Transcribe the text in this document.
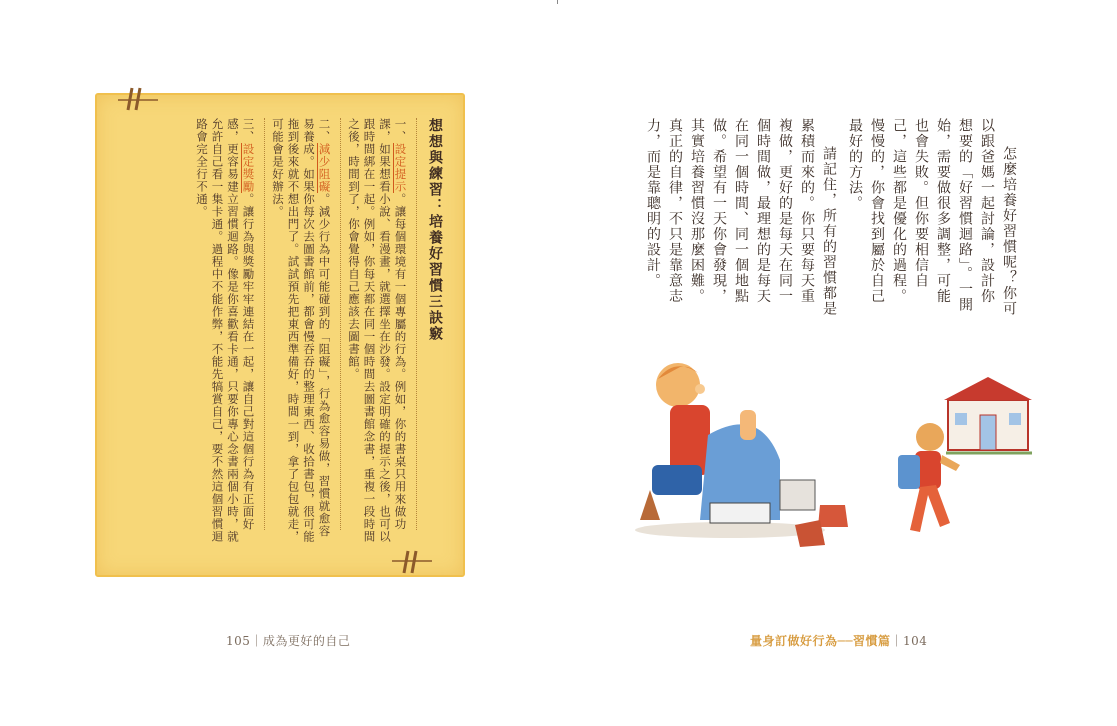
想想與練習：培養好習慣三訣竅

一、設定提示。讓每個環境有一個專屬的行為。例如，你的書桌只用來做功課，如果想看小說、看漫畫，就選擇坐在沙發。設定明確的提示之後，也可以跟時間綁在一起。例如，你每天都在同一個時間去圖書館念書，重複一段時間之後，時間到了，你會覺得自己應該去圖書館。

二、減少阻礙。減少行為中可能碰到的「阻礙」，行為愈容易做，習慣就愈容易養成。如果你每次去圖書館前，都會慢吞吞的整理東西、收拾書包，很可能拖到後來就不想出門了。試試預先把東西準備好，時間一到，拿了包包就走，可能會是好辦法。

三、設定獎勵。讓行為與獎勵牢牢連結在一起，讓自己對這個行為有正面好感，更容易建立習慣迴路。像是你喜歡看卡通，只要你專心念書兩個小時，就允許自己看一集卡通。過程中不能作弊，不能先犒賞自己，要不然這個習慣迴路會完全行不通。

105｜成為更好的自己

怎麼培養好習慣呢？你可以跟爸媽一起討論，設計你想要的「好習慣迴路」。一開始，需要做很多調整，可能也會失敗。但你要相信自己，這些都是優化的過程。慢慢的，你會找到屬於自己最好的方法。

請記住，所有的習慣都是累積而來的。你只要每天重複做，更好的是每天在同一個時間做，最理想的是每天在同一個時間、同一個地點做。希望有一天你會發現，其實培養習慣沒那麼困難。真正的自律，不只是靠意志力，而是靠聰明的設計。

量身訂做好行為──習慣篇｜104
